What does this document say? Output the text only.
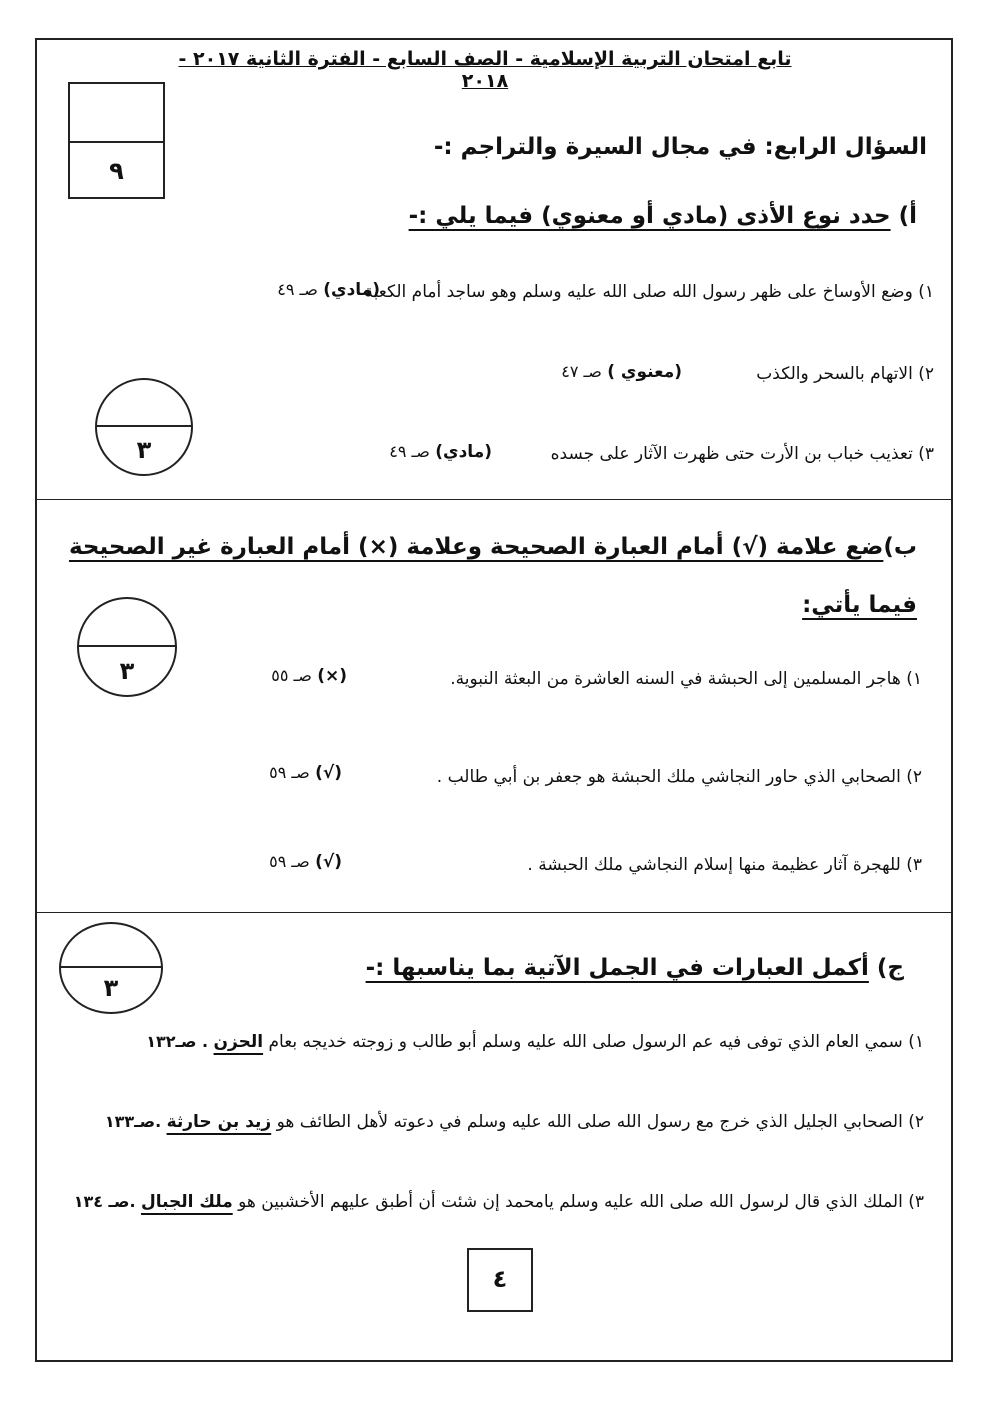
تابع امتحان التربية الإسلامية - الصف السابع - الفترة الثانية ٢٠١٧ - ٢٠١٨
٩
السؤال الرابع: في مجال السيرة والتراجم :-
أ) حدد نوع الأذى (مادي أو معنوي) فيما يلي :-
١) وضع الأوساخ على ظهر رسول الله صلى الله عليه وسلم وهو ساجد أمام الكعبة
(مادي) صـ ٤٩
٢) الاتهام بالسحر والكذب
(معنوي ) صـ ٤٧
٣	٣) تعذيب خباب بن الأرت حتى ظهرت الآثار على جسده
(مادي) صـ ٤٩
ب)ضع علامة (√) أمام العبارة الصحيحة وعلامة (×) أمام العبارة غير الصحيحة
فيما يأتي:
٣	١) هاجر المسلمين إلى الحبشة في السنه العاشرة من البعثة النبوية.
(×) صـ ٥٥
٢) الصحابي الذي حاور النجاشي ملك الحبشة هو جعفر بن أبي طالب .
(√) صـ ٥٩
٣) للهجرة آثار عظيمة منها إسلام النجاشي ملك الحبشة .
(√) صـ ٥٩
٣
ج) أكمل العبارات في الجمل الآتية بما يناسبها :-
١) سمي العام الذي توفى فيه عم الرسول صلى الله عليه وسلم أبو طالب و زوجته خديجه بعام الحزن . صـ١٣٢
٢) الصحابي الجليل الذي خرج مع رسول الله صلى الله عليه وسلم في دعوته لأهل الطائف هو زيد بن حارثة .صـ١٣٣
٣) الملك الذي قال لرسول الله صلى الله عليه وسلم يامحمد إن شئت أن أطبق عليهم الأخشبين هو ملك الجبال .صـ ١٣٤
٤
